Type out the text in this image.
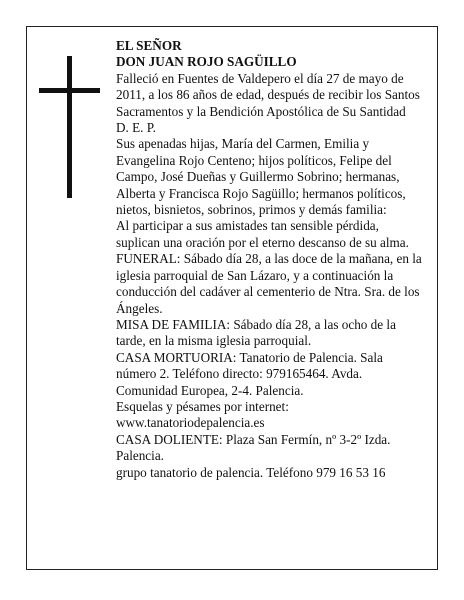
EL SEÑOR

DON JUAN ROJO SAGÜILLO

Falleció en Fuentes de Valdepero el día 27 de mayo de 2011, a los 86 años de edad, después de recibir los Santos Sacramentos y la Bendición Apostólica de Su Santidad

D. E. P.

Sus apenadas hijas, María del Carmen, Emilia y Evangelina Rojo Centeno; hijos políticos, Felipe del Campo, José Dueñas y Guillermo Sobrino; hermanas, Alberta y Francisca Rojo Sagüillo; hermanos políticos, nietos, bisnietos, sobrinos, primos y demás familia:

Al participar a sus amistades tan sensible pérdida, suplican una oración por el eterno descanso de su alma.

FUNERAL: Sábado día 28, a las doce de la mañana, en la iglesia parroquial de San Lázaro, y a continuación la conducción del cadáver al cementerio de Ntra. Sra. de los Ángeles.

MISA DE FAMILIA: Sábado día 28, a las ocho de la tarde, en la misma iglesia parroquial.

CASA MORTUORIA: Tanatorio de Palencia. Sala número 2. Teléfono directo: 979165464. Avda. Comunidad Europea, 2-4. Palencia.

Esquelas y pésames por internet:

www.tanatoriodepalencia.es

CASA DOLIENTE: Plaza San Fermín, nº 3-2º Izda. Palencia.

grupo tanatorio de palencia. Teléfono 979 16 53 16
